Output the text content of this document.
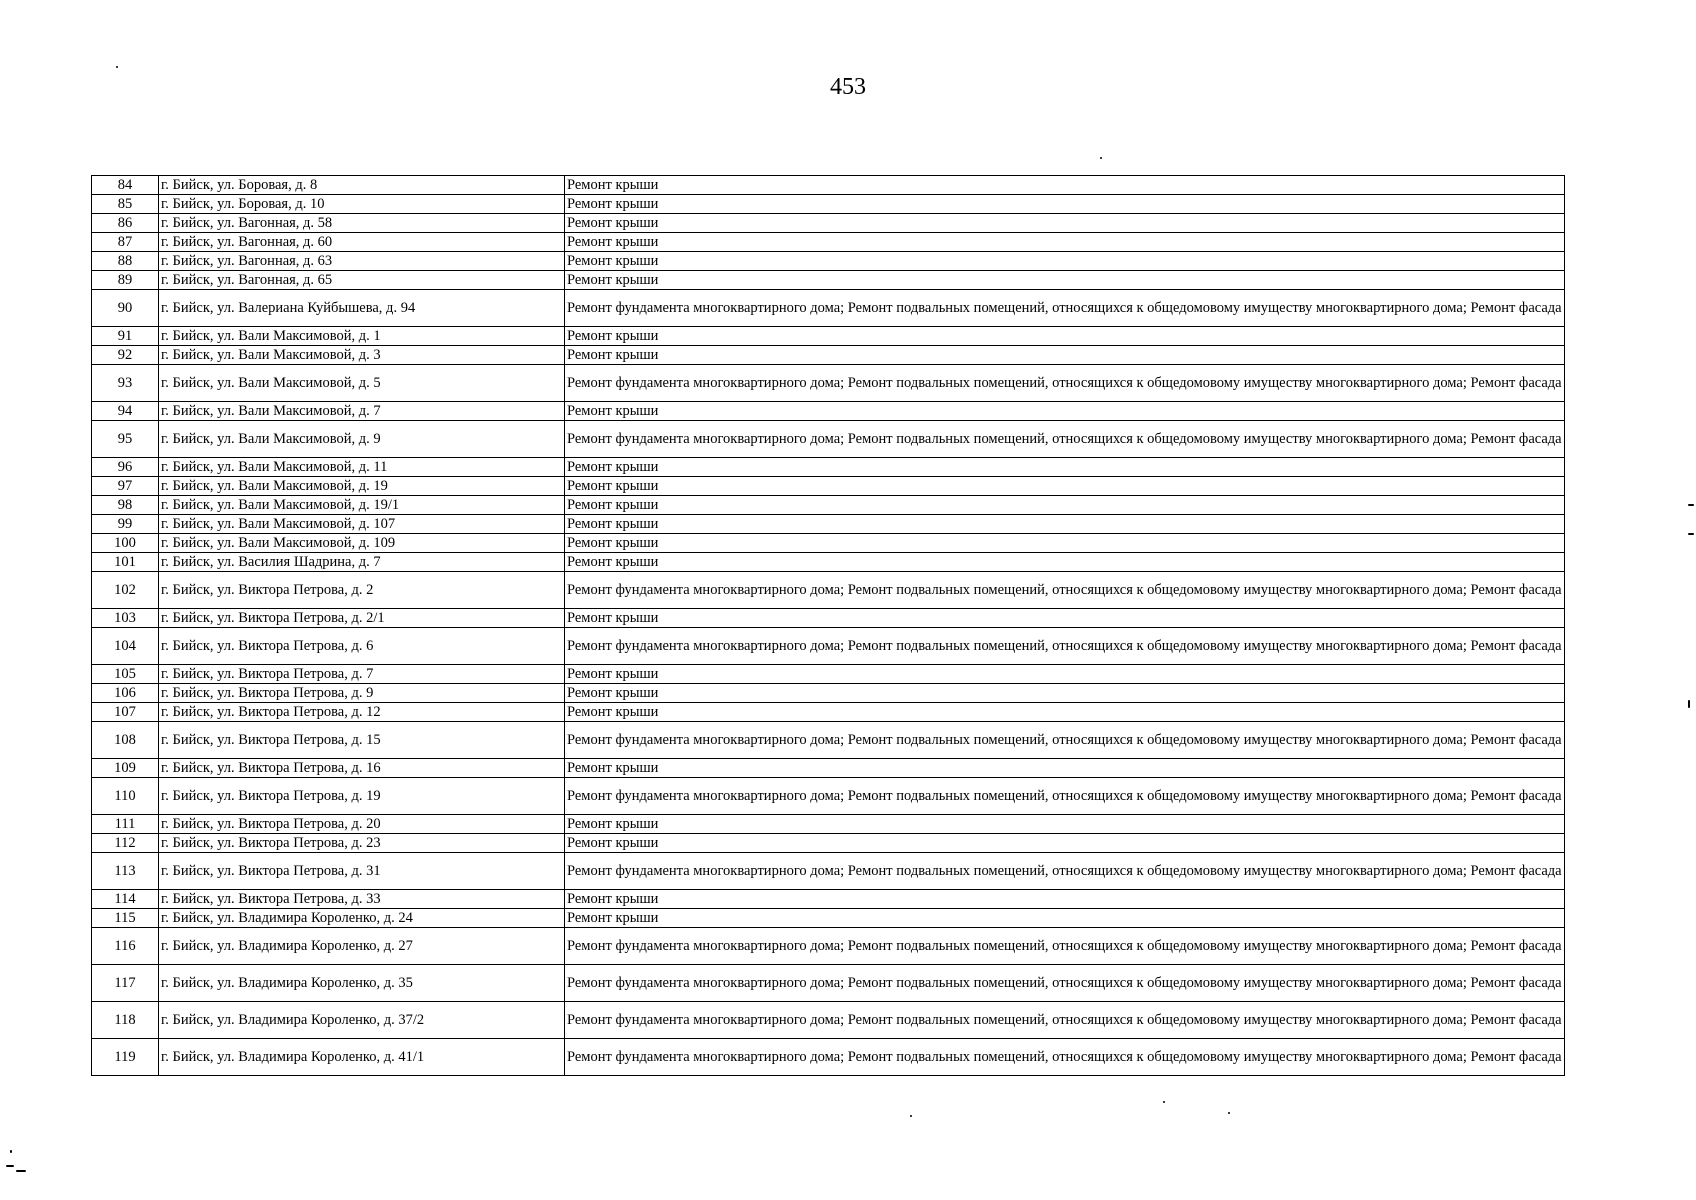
453
84	г. Бийск, ул. Боровая, д. 8	Ремонт крыши
85	г. Бийск, ул. Боровая, д. 10	Ремонт крыши
86	г. Бийск, ул. Вагонная, д. 58	Ремонт крыши
87	г. Бийск, ул. Вагонная, д. 60	Ремонт крыши
88	г. Бийск, ул. Вагонная, д. 63	Ремонт крыши
89	г. Бийск, ул. Вагонная, д. 65	Ремонт крыши
90	г. Бийск, ул. Валериана Куйбышева, д. 94	Ремонт фундамента многоквартирного дома; Ремонт подвальных помещений, относящихся к общедомовому имуществу многоквартирного дома; Ремонт фасада
91	г. Бийск, ул. Вали Максимовой, д. 1	Ремонт крыши
92	г. Бийск, ул. Вали Максимовой, д. 3	Ремонт крыши
93	г. Бийск, ул. Вали Максимовой, д. 5	Ремонт фундамента многоквартирного дома; Ремонт подвальных помещений, относящихся к общедомовому имуществу многоквартирного дома; Ремонт фасада
94	г. Бийск, ул. Вали Максимовой, д. 7	Ремонт крыши
95	г. Бийск, ул. Вали Максимовой, д. 9	Ремонт фундамента многоквартирного дома; Ремонт подвальных помещений, относящихся к общедомовому имуществу многоквартирного дома; Ремонт фасада
96	г. Бийск, ул. Вали Максимовой, д. 11	Ремонт крыши
97	г. Бийск, ул. Вали Максимовой, д. 19	Ремонт крыши
98	г. Бийск, ул. Вали Максимовой, д. 19/1	Ремонт крыши
99	г. Бийск, ул. Вали Максимовой, д. 107	Ремонт крыши
100	г. Бийск, ул. Вали Максимовой, д. 109	Ремонт крыши
101	г. Бийск, ул. Василия Шадрина, д. 7	Ремонт крыши
102	г. Бийск, ул. Виктора Петрова, д. 2	Ремонт фундамента многоквартирного дома; Ремонт подвальных помещений, относящихся к общедомовому имуществу многоквартирного дома; Ремонт фасада
103	г. Бийск, ул. Виктора Петрова, д. 2/1	Ремонт крыши
104	г. Бийск, ул. Виктора Петрова, д. 6	Ремонт фундамента многоквартирного дома; Ремонт подвальных помещений, относящихся к общедомовому имуществу многоквартирного дома; Ремонт фасада
105	г. Бийск, ул. Виктора Петрова, д. 7	Ремонт крыши
106	г. Бийск, ул. Виктора Петрова, д. 9	Ремонт крыши
107	г. Бийск, ул. Виктора Петрова, д. 12	Ремонт крыши
108	г. Бийск, ул. Виктора Петрова, д. 15	Ремонт фундамента многоквартирного дома; Ремонт подвальных помещений, относящихся к общедомовому имуществу многоквартирного дома; Ремонт фасада
109	г. Бийск, ул. Виктора Петрова, д. 16	Ремонт крыши
110	г. Бийск, ул. Виктора Петрова, д. 19	Ремонт фундамента многоквартирного дома; Ремонт подвальных помещений, относящихся к общедомовому имуществу многоквартирного дома; Ремонт фасада
111	г. Бийск, ул. Виктора Петрова, д. 20	Ремонт крыши
112	г. Бийск, ул. Виктора Петрова, д. 23	Ремонт крыши
113	г. Бийск, ул. Виктора Петрова, д. 31	Ремонт фундамента многоквартирного дома; Ремонт подвальных помещений, относящихся к общедомовому имуществу многоквартирного дома; Ремонт фасада
114	г. Бийск, ул. Виктора Петрова, д. 33	Ремонт крыши
115	г. Бийск, ул. Владимира Короленко, д. 24	Ремонт крыши
116	г. Бийск, ул. Владимира Короленко, д. 27	Ремонт фундамента многоквартирного дома; Ремонт подвальных помещений, относящихся к общедомовому имуществу многоквартирного дома; Ремонт фасада
117	г. Бийск, ул. Владимира Короленко, д. 35	Ремонт фундамента многоквартирного дома; Ремонт подвальных помещений, относящихся к общедомовому имуществу многоквартирного дома; Ремонт фасада
118	г. Бийск, ул. Владимира Короленко, д. 37/2	Ремонт фундамента многоквартирного дома; Ремонт подвальных помещений, относящихся к общедомовому имуществу многоквартирного дома; Ремонт фасада
119	г. Бийск, ул. Владимира Короленко, д. 41/1	Ремонт фундамента многоквартирного дома; Ремонт подвальных помещений, относящихся к общедомовому имуществу многоквартирного дома; Ремонт фасада
